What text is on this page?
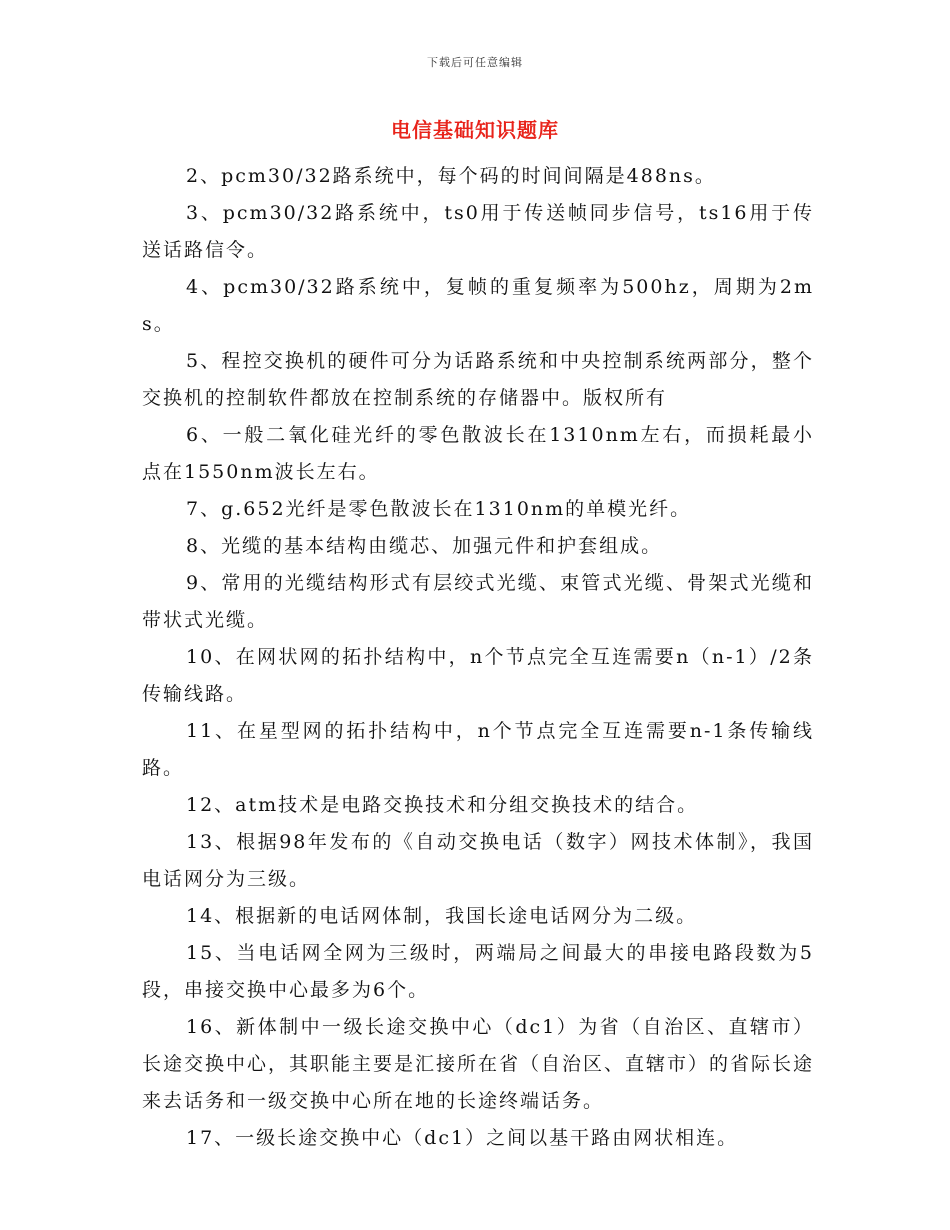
下载后可任意编辑
电信基础知识题库

2、pcm30/32路系统中，每个码的时间间隔是488ns。

3、pcm30/32路系统中，ts0用于传送帧同步信号，ts16用于传送话路信令。

4、pcm30/32路系统中，复帧的重复频率为500hz，周期为2ms。

5、程控交换机的硬件可分为话路系统和中央控制系统两部分，整个交换机的控制软件都放在控制系统的存储器中。版权所有

6、一般二氧化硅光纤的零色散波长在1310nm左右，而损耗最小点在1550nm波长左右。

7、g.652光纤是零色散波长在1310nm的单模光纤。

8、光缆的基本结构由缆芯、加强元件和护套组成。

9、常用的光缆结构形式有层绞式光缆、束管式光缆、骨架式光缆和带状式光缆。

10、在网状网的拓扑结构中，n个节点完全互连需要n（n-1）/2条传输线路。

11、在星型网的拓扑结构中，n个节点完全互连需要n-1条传输线路。

12、atm技术是电路交换技术和分组交换技术的结合。

13、根据98年发布的《自动交换电话（数字）网技术体制》，我国电话网分为三级。

14、根据新的电话网体制，我国长途电话网分为二级。

15、当电话网全网为三级时，两端局之间最大的串接电路段数为5段，串接交换中心最多为6个。

16、新体制中一级长途交换中心（dc1）为省（自治区、直辖市）长途交换中心，其职能主要是汇接所在省（自治区、直辖市）的省际长途来去话务和一级交换中心所在地的长途终端话务。

17、一级长途交换中心（dc1）之间以基干路由网状相连。
